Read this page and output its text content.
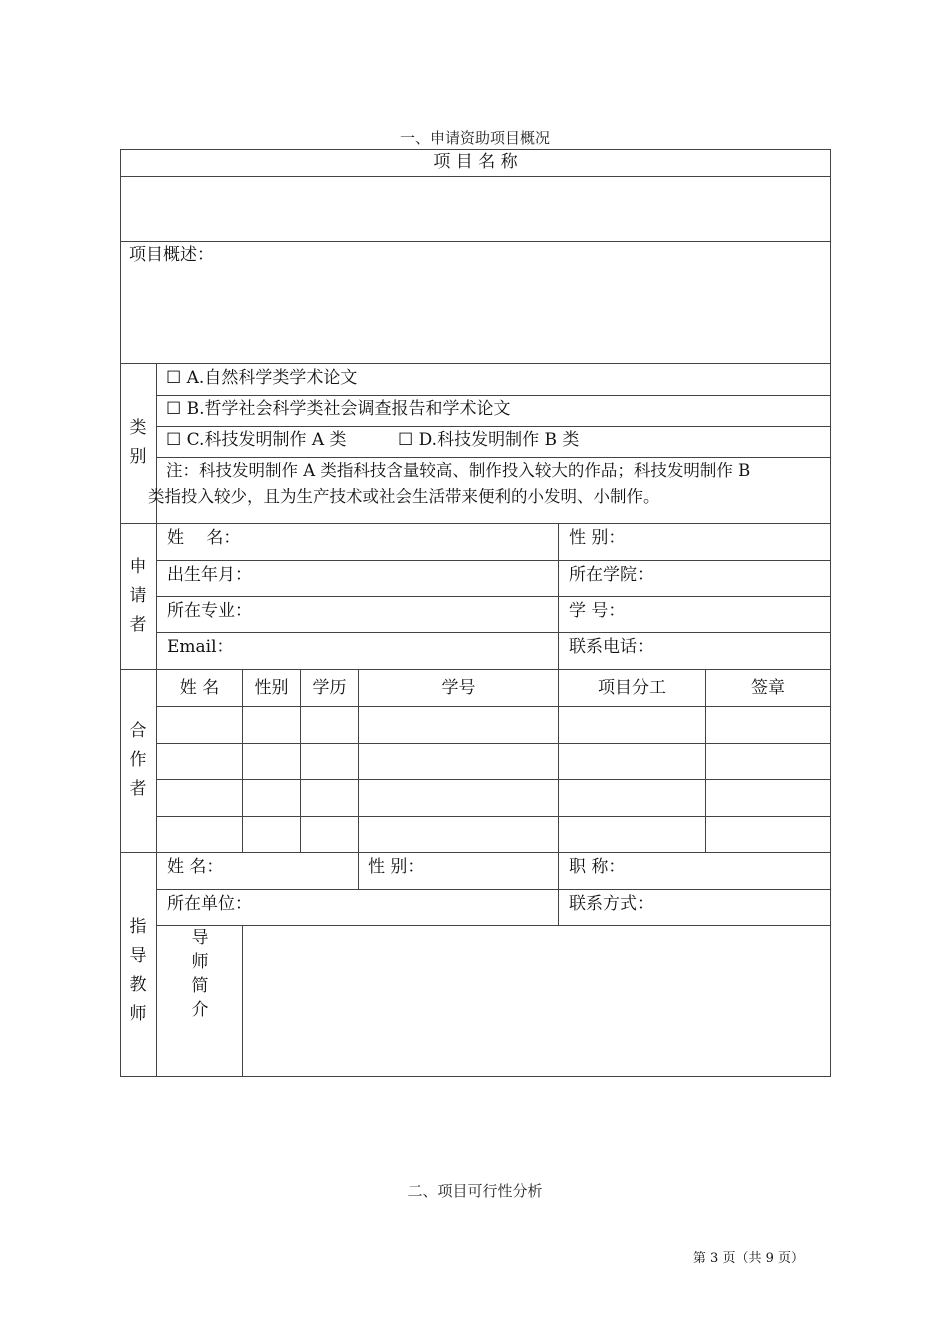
一、申请资助项目概况
项 目 名 称
项目概述：
类
别
☐ A.自然科学类学术论文
☐ B.哲学社会科学类社会调查报告和学术论文
☐ C.科技发明制作 A 类	☐ D.科技发明制作 B 类
注：科技发明制作 A 类指科技含量较高、制作投入较大的作品；科技发明制作 B
类指投入较少，且为生产技术或社会生活带来便利的小发明、小制作。
申
请
者
姓　 名：	性 别：
出生年月：	所在学院：
所在专业：	学 号：
Email：	联系电话：
合
作
者
姓 名	性别	学历	学号	项目分工	签章
指
导
教
师
姓 名：	性 别：	职 称：
所在单位：	联系方式：
导
师
简
介
二、项目可行性分析
第 3 页（共 9 页）
